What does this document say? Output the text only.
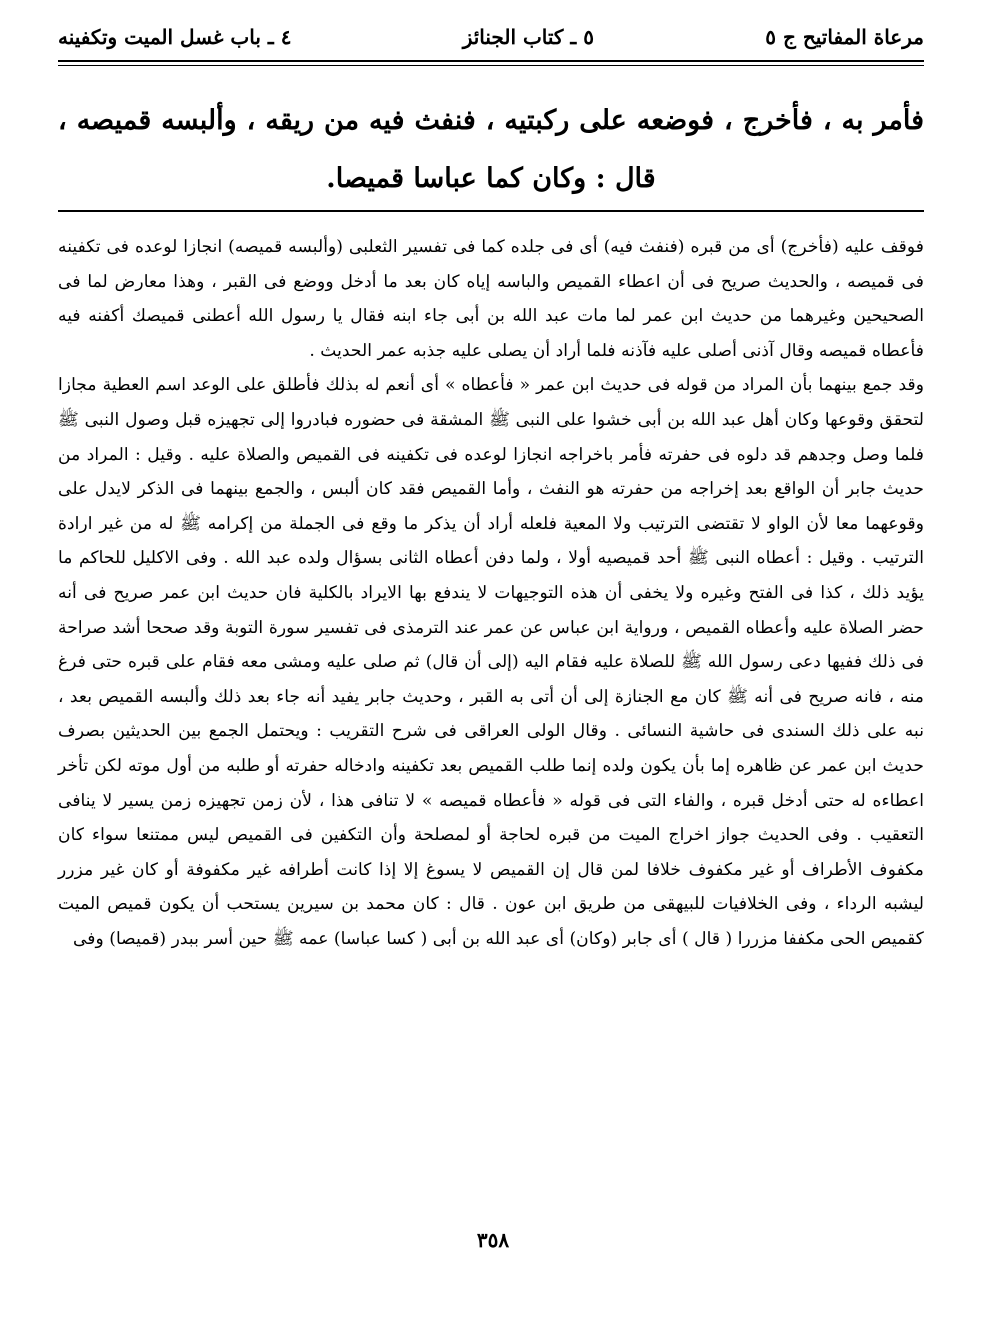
مرعاة المفاتيح ج ٥
٥ ـ كتاب الجنائز
٤ ـ باب غسل الميت وتكفينه
فأمر به ، فأخرج ، فوضعه على ركبتيه ، فنفث فيه من ريقه ، وألبسه قميصه ، قال : وكان كما عباسا قميصا.

فوقف عليه (فأخرج) أى من قبره (فنفث فيه) أى فى جلده كما فى تفسير الثعلبى (وألبسه قميصه) انجازا لوعده فى تكفينه فى قميصه ، والحديث صريح فى أن اعطاء القميص والباسه إياه كان بعد ما أدخل ووضع فى القبر ، وهذا معارض لما فى الصحيحين وغيرهما من حديث ابن عمر لما مات عبد الله بن أبى جاء ابنه فقال يا رسول الله أعطنى قميصك أكفنه فيه فأعطاه قميصه وقال آذنى أصلى عليه فآذنه فلما أراد أن يصلى عليه جذبه عمر الحديث .

وقد جمع بينهما بأن المراد من قوله فى حديث ابن عمر « فأعطاه » أى أنعم له بذلك فأطلق على الوعد اسم العطية مجازا لتحقق وقوعها وكان أهل عبد الله بن أبى خشوا على النبى ﷺ المشقة فى حضوره فبادروا إلى تجهيزه قبل وصول النبى ﷺ فلما وصل وجدهم قد دلوه فى حفرته فأمر باخراجه انجازا لوعده فى تكفينه فى القميص والصلاة عليه . وقيل : المراد من حديث جابر أن الواقع بعد إخراجه من حفرته هو النفث ، وأما القميص فقد كان ألبس ، والجمع بينهما فى الذكر لايدل على وقوعهما معا لأن الواو لا تقتضى الترتيب ولا المعية فلعله أراد أن يذكر ما وقع فى الجملة من إكرامه ﷺ له من غير ارادة الترتيب . وقيل : أعطاه النبى ﷺ أحد قميصيه أولا ، ولما دفن أعطاه الثانى بسؤال ولده عبد الله . وفى الاكليل للحاكم ما يؤيد ذلك ، كذا فى الفتح وغيره ولا يخفى أن هذه التوجيهات لا يندفع بها الايراد بالكلية فان حديث ابن عمر صريح فى أنه حضر الصلاة عليه وأعطاه القميص ، ورواية ابن عباس عن عمر عند الترمذى فى تفسير سورة التوبة وقد صححا أشد صراحة فى ذلك ففيها دعى رسول الله ﷺ للصلاة عليه فقام اليه (إلى أن قال) ثم صلى عليه ومشى معه فقام على قبره حتى فرغ منه ، فانه صريح فى أنه ﷺ كان مع الجنازة إلى أن أتى به القبر ، وحديث جابر يفيد أنه جاء بعد ذلك وألبسه القميص بعد ، نبه على ذلك السندى فى حاشية النسائى . وقال الولى العراقى فى شرح التقريب : ويحتمل الجمع بين الحديثين بصرف حديث ابن عمر عن ظاهره إما بأن يكون ولده إنما طلب القميص بعد تكفينه وادخاله حفرته أو طلبه من أول موته لكن تأخر اعطاءه له حتى أدخل قبره ، والفاء التى فى قوله « فأعطاه قميصه » لا تنافى هذا ، لأن زمن تجهيزه زمن يسير لا ينافى التعقيب . وفى الحديث جواز اخراج الميت من قبره لحاجة أو لمصلحة وأن التكفين فى القميص ليس ممتنعا سواء كان مكفوف الأطراف أو غير مكفوف خلافا لمن قال إن القميص لا يسوغ إلا إذا كانت أطرافه غير مكفوفة أو كان غير مزرر ليشبه الرداء ، وفى الخلافيات للبيهقى من طريق ابن عون . قال : كان محمد بن سيرين يستحب أن يكون قميص الميت كقميص الحى مكففا مزررا ( قال ) أى جابر (وكان) أى عبد الله بن أبى ( كسا عباسا) عمه ﷺ حين أسر ببدر (قميصا) وفى

٣٥٨
